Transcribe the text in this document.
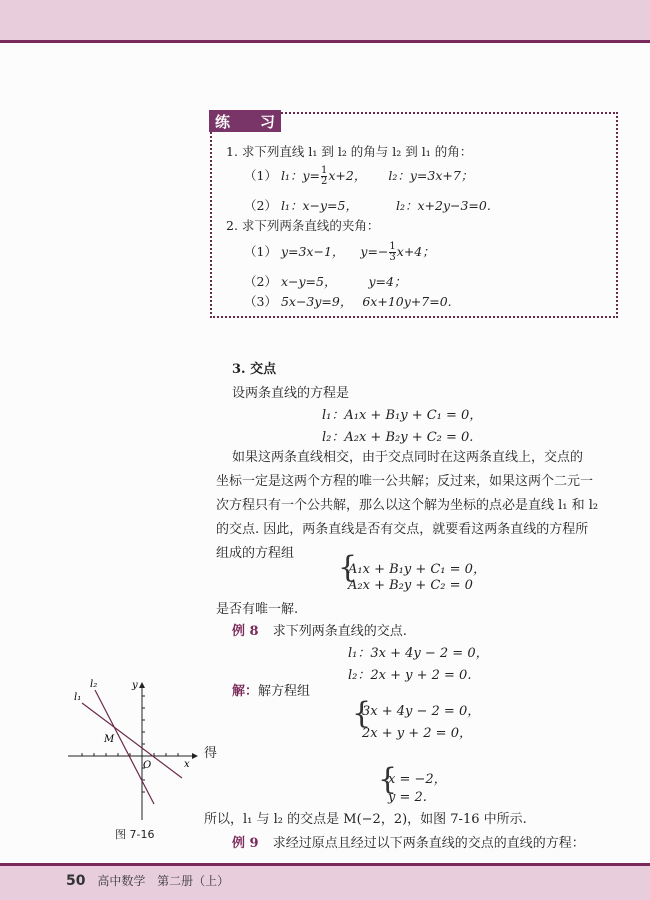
练 习
1. 求下列直线 l₁ 到 l₂ 的角与 l₂ 到 l₁ 的角：
（1） l₁：$y= \frac{1}{2} x+2$， l₂：y=3x+7；
（2） l₁：x−y=5，	l₂：x+2y−3=0.
2. 求下列两条直线的夹角：
（1） y=3x−1， $y=- \frac{1}{3} x+4$；
（2） x−y=5，	y=4；
（3） 5x−3y=9， 6x+10y+7=0.
3. 交点
设两条直线的方程是
l₁：A₁x + B₁y + C₁ = 0，
l₂：A₂x + B₂y + C₂ = 0.
如果这两条直线相交，由于交点同时在这两条直线上，交点的
坐标一定是这两个方程的唯一公共解；反过来，如果这两个二元一
次方程只有一个公共解，那么以这个解为坐标的点必是直线 l₁ 和 l₂
的交点. 因此，两条直线是否有交点，就要看这两条直线的方程所
组成的方程组 {
A₁x + B₁y + C₁ = 0，
A₂x + B₂y + C₂ = 0
是否有唯一解.
例 8 求下列两条直线的交点.
l₁：3x + 4y − 2 = 0，
l₂：2x + y + 2 = 0.
解：解方程组
{
3x + 4y − 2 = 0，
2x + y + 2 = 0，
得
{
x = −2，
y = 2.
所以，l₁ 与 l₂ 的交点是 M(−2，2)，如图 7-16 中所示.
例 9 求经过原点且经过以下两条直线的交点的直线的方程：
l₁
l₂	y
x
M
O
图 7-16
50 高中数学 第二册（上）
